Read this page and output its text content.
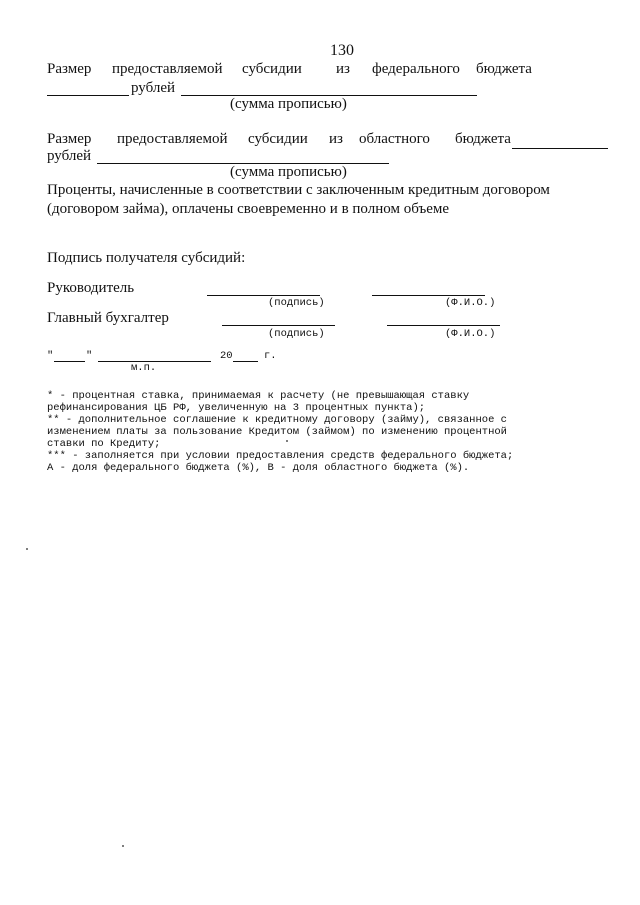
130
Размер предоставляемой субсидии из федерального бюджета
рублей
(сумма прописью)
Размер предоставляемой субсидии из областного бюджета
рублей
(сумма прописью)
Проценты, начисленные в соответствии с заключенным кредитным договором
(договором займа), оплачены своевременно и в полном объеме
Подпись получателя субсидий:
Руководитель
(подпись)	(Ф.И.О.)
Главный бухгалтер
(подпись)	(Ф.И.О.)
"	"	20	г.
м.п.
* - процентная ставка, принимаемая к расчету (не превышающая ставку
рефинансирования ЦБ РФ, увеличенную на 3 процентных пункта);
** - дополнительное соглашение к кредитному договору (займу), связанное с
изменением платы за пользование Кредитом (займом) по изменению процентной
ставки по Кредиту;
*** - заполняется при условии предоставления средств федерального бюджета;
А - доля федерального бюджета (%), В - доля областного бюджета (%).
